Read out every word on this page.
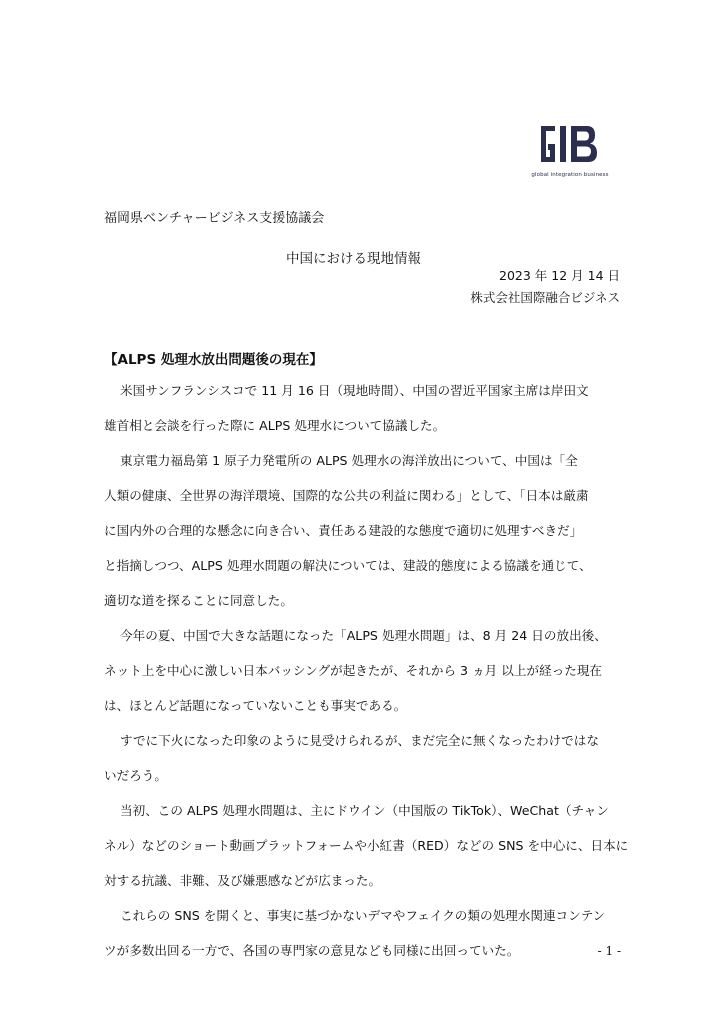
global integration business
福岡県ベンチャービジネス支援協議会
中国における現地情報
2023 年 12 月 14 日
株式会社国際融合ビジネス
【ALPS 処理水放出問題後の現在】
米国サンフランシスコで 11 月 16 日（現地時間）、中国の習近平国家主席は岸田文
雄首相と会談を行った際に ALPS 処理水について協議した。
東京電力福島第 1 原子力発電所の ALPS 処理水の海洋放出について、中国は「全
人類の健康、全世界の海洋環境、国際的な公共の利益に関わる」として、「日本は厳粛
に国内外の合理的な懸念に向き合い、責任ある建設的な態度で適切に処理すべきだ」
と指摘しつつ、ALPS 処理水問題の解決については、建設的態度による協議を通じて、
適切な道を探ることに同意した。
今年の夏、中国で大きな話題になった「ALPS 処理水問題」は、8 月 24 日の放出後、
ネット上を中心に激しい日本バッシングが起きたが、それから 3 ヵ月 以上が経った現在
は、ほとんど話題になっていないことも事実である。
すでに下火になった印象のように見受けられるが、まだ完全に無くなったわけではな
いだろう。
当初、この ALPS 処理水問題は、主にドウイン（中国版の TikTok）、WeChat（チャン
ネル）などのショート動画プラットフォームや小紅書（RED）などの SNS を中心に、日本に
対する抗議、非難、及び嫌悪感などが広まった。
これらの SNS を開くと、事実に基づかないデマやフェイクの類の処理水関連コンテン
ツが多数出回る一方で、各国の専門家の意見なども同様に出回っていた。	- 1 -
